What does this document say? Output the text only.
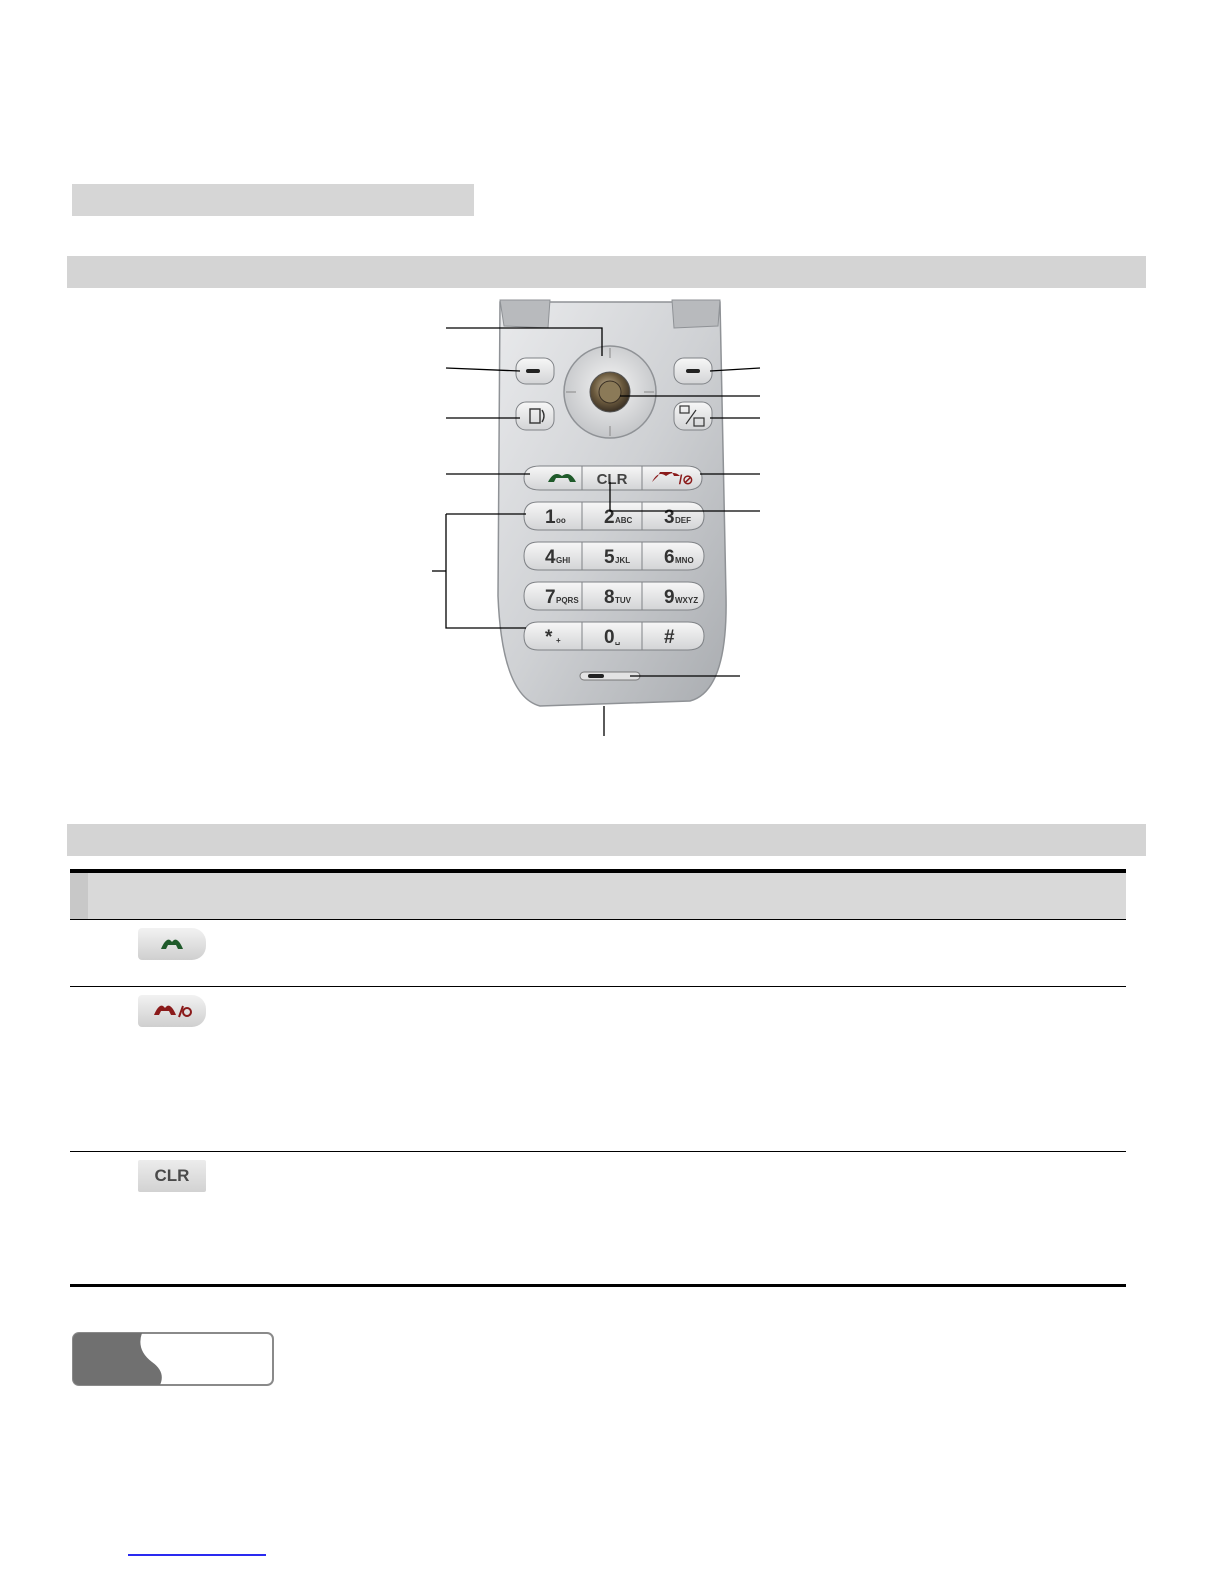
CLR	/⊘
1 oo 2 ABC 3 DEF
4 GHI 5 JKL 6 MNO
7 PQRS 8 TUV 9 WXYZ
* + 0 ␣ #
CLR
